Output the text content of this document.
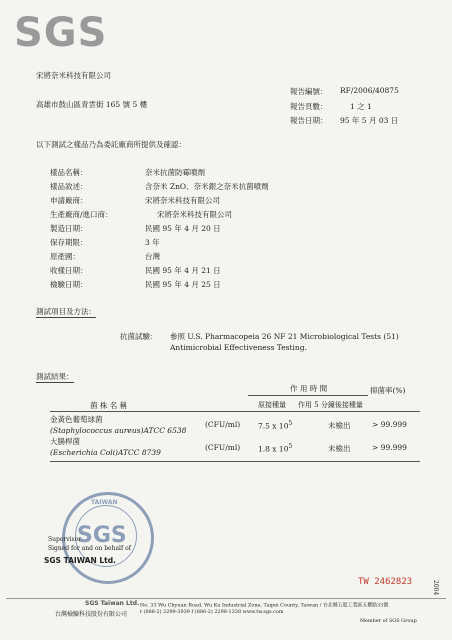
SGS
宋將奈米科技有限公司
高雄市鼓山區青雲街 165 號 5 樓
報告編號： RF/2006/40875
報告頁數：	1 之 1
報告日期： 95 年 5 月 03 日
以下測試之樣品乃為委託廠商所提供及確認：
樣品名稱：	奈米抗菌防霉噴劑
樣品敘述：	含奈米 ZnO、奈米銀之奈米抗菌噴劑
申請廠商：	宋將奈米科技有限公司
生產廠商/進口商：	宋將奈米科技有限公司
製造日期：	民國 95 年 4 月 20 日
保存期限：	3 年
原產國：	台灣
收樣日期：	民國 95 年 4 月 21 日
檢驗日期：	民國 95 年 4 月 25 日
測試項目及方法：
抗菌試驗： 參照 U.S. Pharmacopeia 26 NF 21 Microbiological Tests (51)
Antimicrobial Effectiveness Testing.
測試結果：
作 用 時 間	抑菌率(%)
菌 株 名 稱	原接種量 作用 5 分鐘後接種量
金黃色葡萄球菌
(Staphylococcus aureus)ATCC 6538
(CFU/ml) 7.5 x $10^5$	未檢出	> 99.999
大腸桿菌
(Escherichia Coli)ATCC 8739
(CFU/ml) 1.8 x $10^5$	未檢出	> 99.999
SGS
TAIWAN
Supervisor
Signed for and on behalf of
SGS TAIWAN Ltd.
TW 2462823
SGS Taiwan Ltd.
台灣檢驗科技股份有限公司
No. 33 Wu Chyuan Road, Wu Ku Industrial Zone, Taipei County, Taiwan / 台北縣五股工業區五權路33號
t (886-2) 2299-3939 f (886-2) 2298-1338 www.tw.sgs.com
Member of SGS Group
2004
